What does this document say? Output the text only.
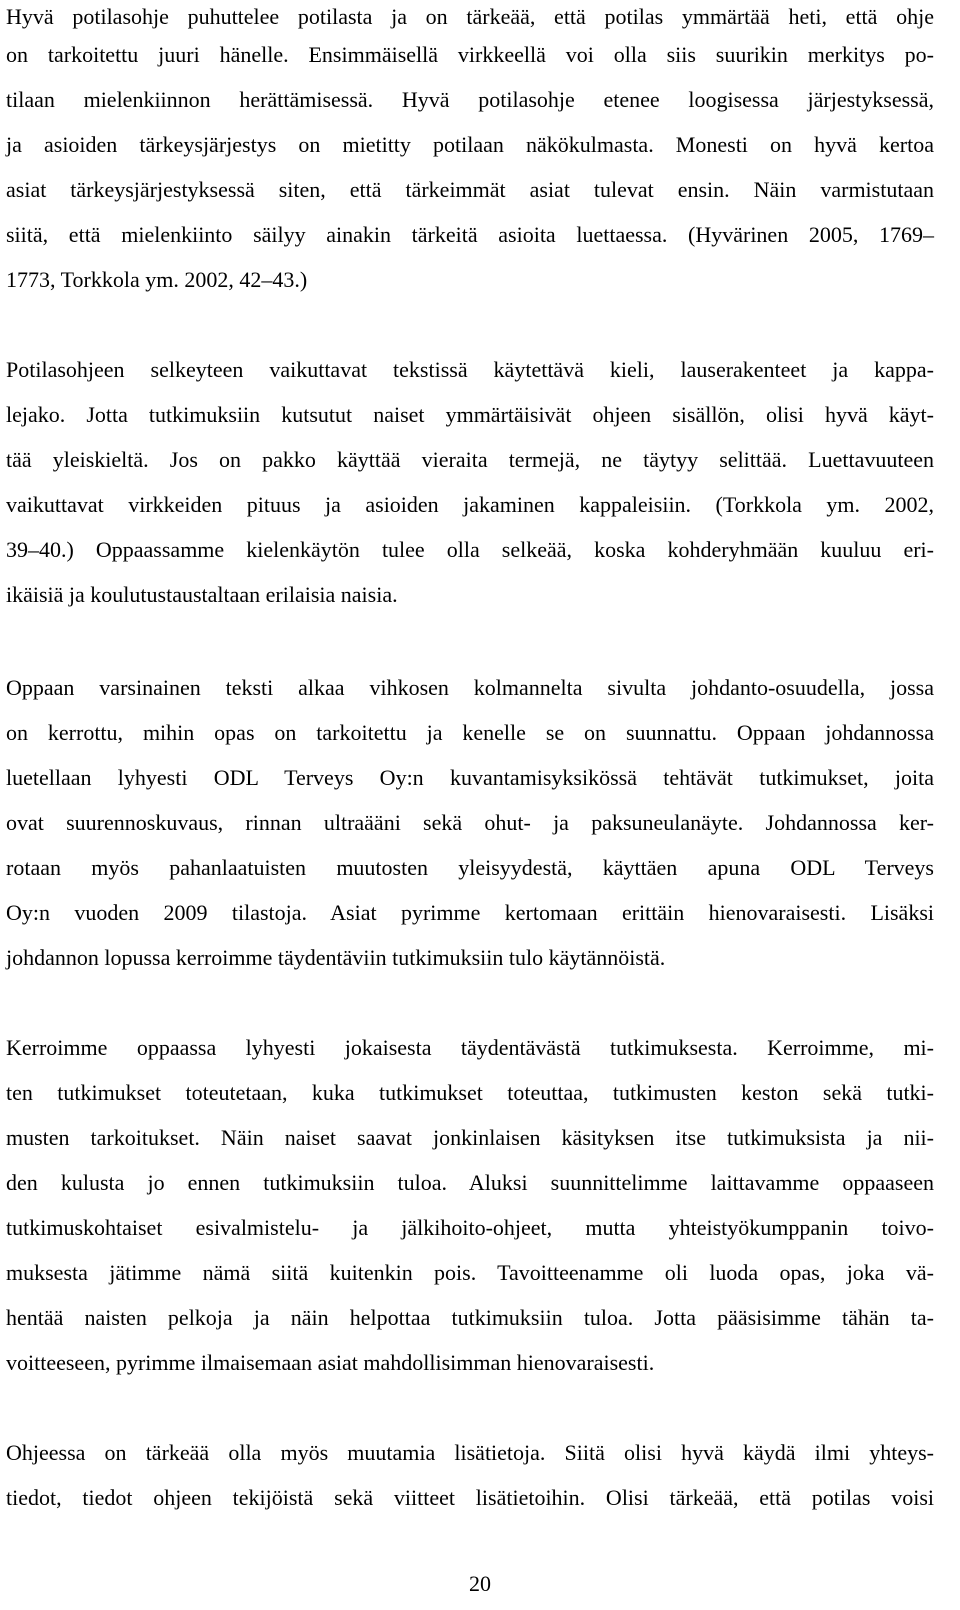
Hyvä potilasohje puhuttelee potilasta ja on tärkeää, että potilas ymmärtää heti, että ohje

on tarkoitettu juuri hänelle. Ensimmäisellä virkkeellä voi olla siis suurikin merkitys po-

tilaan mielenkiinnon herättämisessä. Hyvä potilasohje etenee loogisessa järjestyksessä,

ja asioiden tärkeysjärjestys on mietitty potilaan näkökulmasta. Monesti on hyvä kertoa

asiat tärkeysjärjestyksessä siten, että tärkeimmät asiat tulevat ensin. Näin varmistutaan

siitä, että mielenkiinto säilyy ainakin tärkeitä asioita luettaessa. (Hyvärinen 2005, 1769–

1773, Torkkola ym. 2002, 42–43.)

Potilasohjeen selkeyteen vaikuttavat tekstissä käytettävä kieli, lauserakenteet ja kappa-

lejako. Jotta tutkimuksiin kutsutut naiset ymmärtäisivät ohjeen sisällön, olisi hyvä käyt-

tää yleiskieltä. Jos on pakko käyttää vieraita termejä, ne täytyy selittää. Luettavuuteen

vaikuttavat virkkeiden pituus ja asioiden jakaminen kappaleisiin. (Torkkola ym. 2002,

39–40.) Oppaassamme kielenkäytön tulee olla selkeää, koska kohderyhmään kuuluu eri-

ikäisiä ja koulutustaustaltaan erilaisia naisia.

Oppaan varsinainen teksti alkaa vihkosen kolmannelta sivulta johdanto-osuudella, jossa

on kerrottu, mihin opas on tarkoitettu ja kenelle se on suunnattu. Oppaan johdannossa

luetellaan lyhyesti ODL Terveys Oy:n kuvantamisyksikössä tehtävät tutkimukset, joita

ovat suurennoskuvaus, rinnan ultraääni sekä ohut- ja paksuneulanäyte. Johdannossa ker-

rotaan myös pahanlaatuisten muutosten yleisyydestä, käyttäen apuna ODL Terveys

Oy:n vuoden 2009 tilastoja. Asiat pyrimme kertomaan erittäin hienovaraisesti. Lisäksi

johdannon lopussa kerroimme täydentäviin tutkimuksiin tulo käytännöistä.

Kerroimme oppaassa lyhyesti jokaisesta täydentävästä tutkimuksesta. Kerroimme, mi-

ten tutkimukset toteutetaan, kuka tutkimukset toteuttaa, tutkimusten keston sekä tutki-

musten tarkoitukset. Näin naiset saavat jonkinlaisen käsityksen itse tutkimuksista ja nii-

den kulusta jo ennen tutkimuksiin tuloa. Aluksi suunnittelimme laittavamme oppaaseen

tutkimuskohtaiset esivalmistelu- ja jälkihoito-ohjeet, mutta yhteistyökumppanin toivo-

muksesta jätimme nämä siitä kuitenkin pois. Tavoitteenamme oli luoda opas, joka vä-

hentää naisten pelkoja ja näin helpottaa tutkimuksiin tuloa. Jotta pääsisimme tähän ta-

voitteeseen, pyrimme ilmaisemaan asiat mahdollisimman hienovaraisesti.

Ohjeessa on tärkeää olla myös muutamia lisätietoja. Siitä olisi hyvä käydä ilmi yhteys-

tiedot, tiedot ohjeen tekijöistä sekä viitteet lisätietoihin. Olisi tärkeää, että potilas voisi

20
